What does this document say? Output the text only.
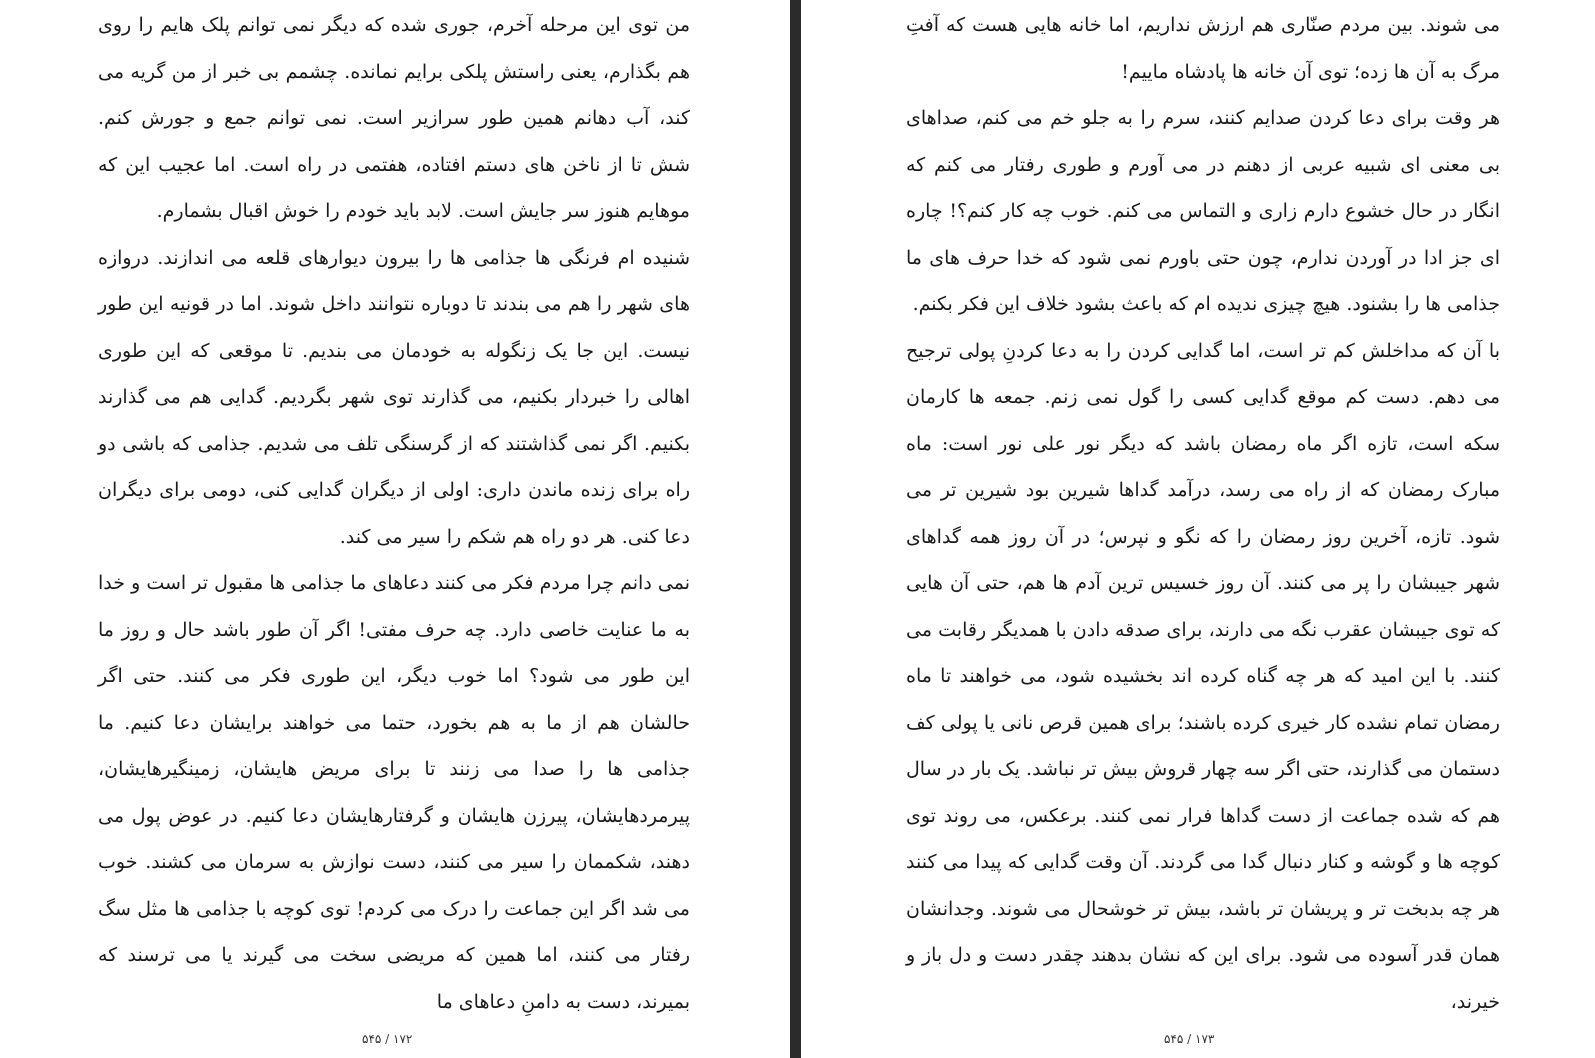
من توی این مرحله آخرم، جوری شده که دیگر نمی توانم پلک هایم را روی هم بگذارم، یعنی راستش پلکی برایم نمانده. چشمم بی خبر از من گریه می کند، آب دهانم همین طور سرازیر است. نمی توانم جمع و جورش کنم. شش تا از ناخن های دستم افتاده، هفتمی در راه است. اما عجیب این که موهایم هنوز سر جایش است. لابد باید خودم را خوش اقبال بشمارم.

شنیده ام فرنگی ها جذامی ها را بیرون دیوارهای قلعه می اندازند. دروازه های شهر را هم می بندند تا دوباره نتوانند داخل شوند. اما در قونیه این طور نیست. این جا یک زنگوله به خودمان می بندیم. تا موقعی که این طوری اهالی را خبردار بکنیم، می گذارند توی شهر بگردیم. گدایی هم می گذارند بکنیم. اگر نمی گذاشتند که از گرسنگی تلف می شدیم. جذامی که باشی دو راه برای زنده ماندن داری: اولی از دیگران گدایی کنی، دومی برای دیگران دعا کنی. هر دو راه هم شکم را سیر می کند.

نمی دانم چرا مردم فکر می کنند دعاهای ما جذامی ها مقبول تر است و خدا به ما عنایت خاصی دارد. چه حرف مفتی! اگر آن طور باشد حال و روز ما این طور می شود؟ اما خوب دیگر، این طوری فکر می کنند. حتی اگر حالشان هم از ما به هم بخورد، حتما می خواهند برایشان دعا کنیم. ما جذامی ها را صدا می زنند تا برای مریض هایشان، زمینگیرهایشان، پیرمردهایشان، پیرزن هایشان و گرفتارهایشان دعا کنیم. در عوض پول می دهند، شکممان را سیر می کنند، دست نوازش به سرمان می کشند. خوب می شد اگر این جماعت را درک می کردم! توی کوچه با جذامی ها مثل سگ رفتار می کنند، اما همین که مریضی سخت می گیرند یا می ترسند که بمیرند، دست به دامنِ دعاهای ما

۱۷۲ / ۵۴۵

می شوند. بین مردم صنّاری هم ارزش نداریم، اما خانه هایی هست که آفتِ مرگ به آن ها زده؛ توی آن خانه ها پادشاه ماییم!

هر وقت برای دعا کردن صدایم کنند، سرم را به جلو خم می کنم، صداهای بی معنی ای شبیه عربی از دهنم در می آورم و طوری رفتار می کنم که انگار در حال خشوع دارم زاری و التماس می کنم. خوب چه کار کنم؟! چاره ای جز ادا در آوردن ندارم، چون حتی باورم نمی شود که خدا حرف های ما جذامی ها را بشنود. هیچ چیزی ندیده ام که باعث بشود خلاف این فکر بکنم.

با آن که مداخلش کم تر است، اما گدایی کردن را به دعا کردنِ پولی ترجیح می دهم. دست کم موقع گدایی کسی را گول نمی زنم. جمعه ها کارمان سکه است، تازه اگر ماه رمضان باشد که دیگر نور علی نور است: ماه مبارک رمضان که از راه می رسد، درآمد گداها شیرین بود شیرین تر می شود. تازه، آخرین روز رمضان را که نگو و نپرس؛ در آن روز همه گداهای شهر جیبشان را پر می کنند. آن روز خسیس ترین آدم ها هم، حتی آن هایی که توی جیبشان عقرب نگه می دارند، برای صدقه دادن با همدیگر رقابت می کنند. با این امید که هر چه گناه کرده اند بخشیده شود، می خواهند تا ماه رمضان تمام نشده کار خیری کرده باشند؛ برای همین قرص نانی یا پولی کف دستمان می گذارند، حتی اگر سه چهار قروش بیش تر نباشد. یک بار در سال هم که شده جماعت از دست گداها فرار نمی کنند. برعکس، می روند توی کوچه ها و گوشه و کنار دنبال گدا می گردند. آن وقت گدایی که پیدا می کنند هر چه بدبخت تر و پریشان تر باشد، بیش تر خوشحال می شوند. وجدانشان همان قدر آسوده می شود. برای این که نشان بدهند چقدر دست و دل باز و خیرند،

۱۷۳ / ۵۴۵
